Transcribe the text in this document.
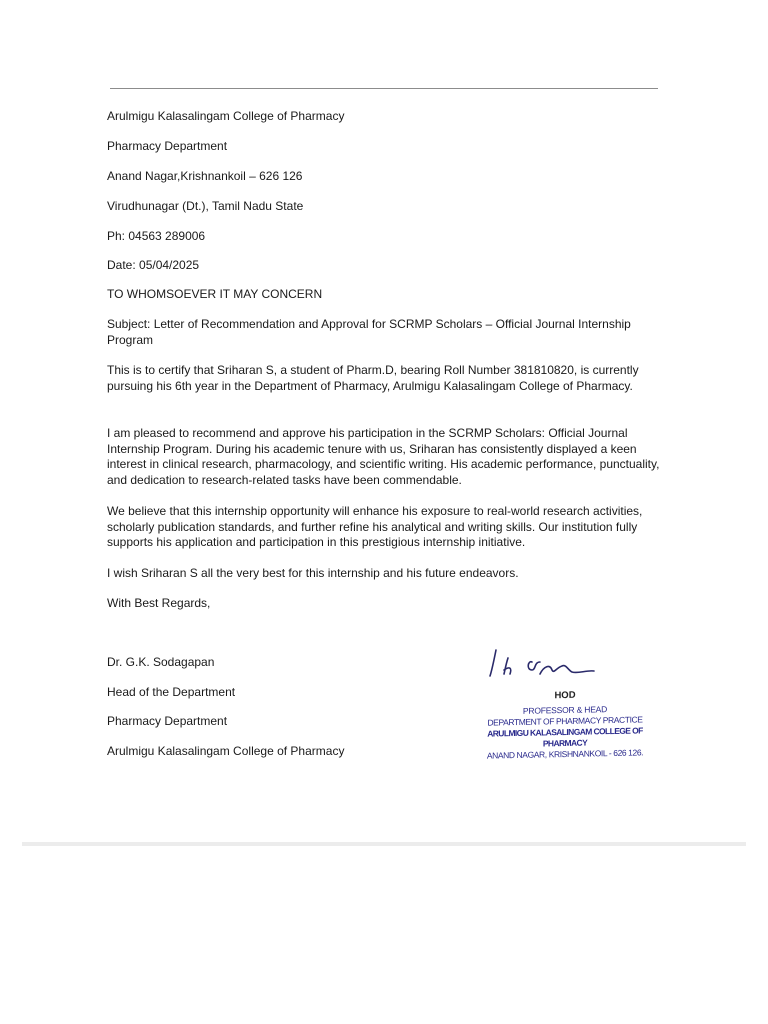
Arulmigu Kalasalingam College of Pharmacy
Pharmacy Department
Anand Nagar,Krishnankoil – 626 126
Virudhunagar (Dt.), Tamil Nadu State
Ph: 04563 289006
Date: 05/04/2025
TO WHOMSOEVER IT MAY CONCERN
Subject: Letter of Recommendation and Approval for SCRMP Scholars – Official Journal Internship Program
This is to certify that Sriharan S, a student of Pharm.D, bearing Roll Number 381810820, is currently pursuing his 6th year in the Department of Pharmacy, Arulmigu Kalasalingam College of Pharmacy.
I am pleased to recommend and approve his participation in the SCRMP Scholars: Official Journal Internship Program. During his academic tenure with us, Sriharan has consistently displayed a keen interest in clinical research, pharmacology, and scientific writing. His academic performance, punctuality, and dedication to research-related tasks have been commendable.
We believe that this internship opportunity will enhance his exposure to real-world research activities, scholarly publication standards, and further refine his analytical and writing skills. Our institution fully supports his application and participation in this prestigious internship initiative.
I wish Sriharan S all the very best for this internship and his future endeavors.
With Best Regards,
Dr. G.K. Sodagapan
Head of the Department
Pharmacy Department
Arulmigu Kalasalingam College of Pharmacy
HOD
PROFESSOR & HEAD
DEPARTMENT OF PHARMACY PRACTICE
ARULMIGU KALASALINGAM COLLEGE OF PHARMACY
ANAND NAGAR, KRISHNANKOIL - 626 126.
